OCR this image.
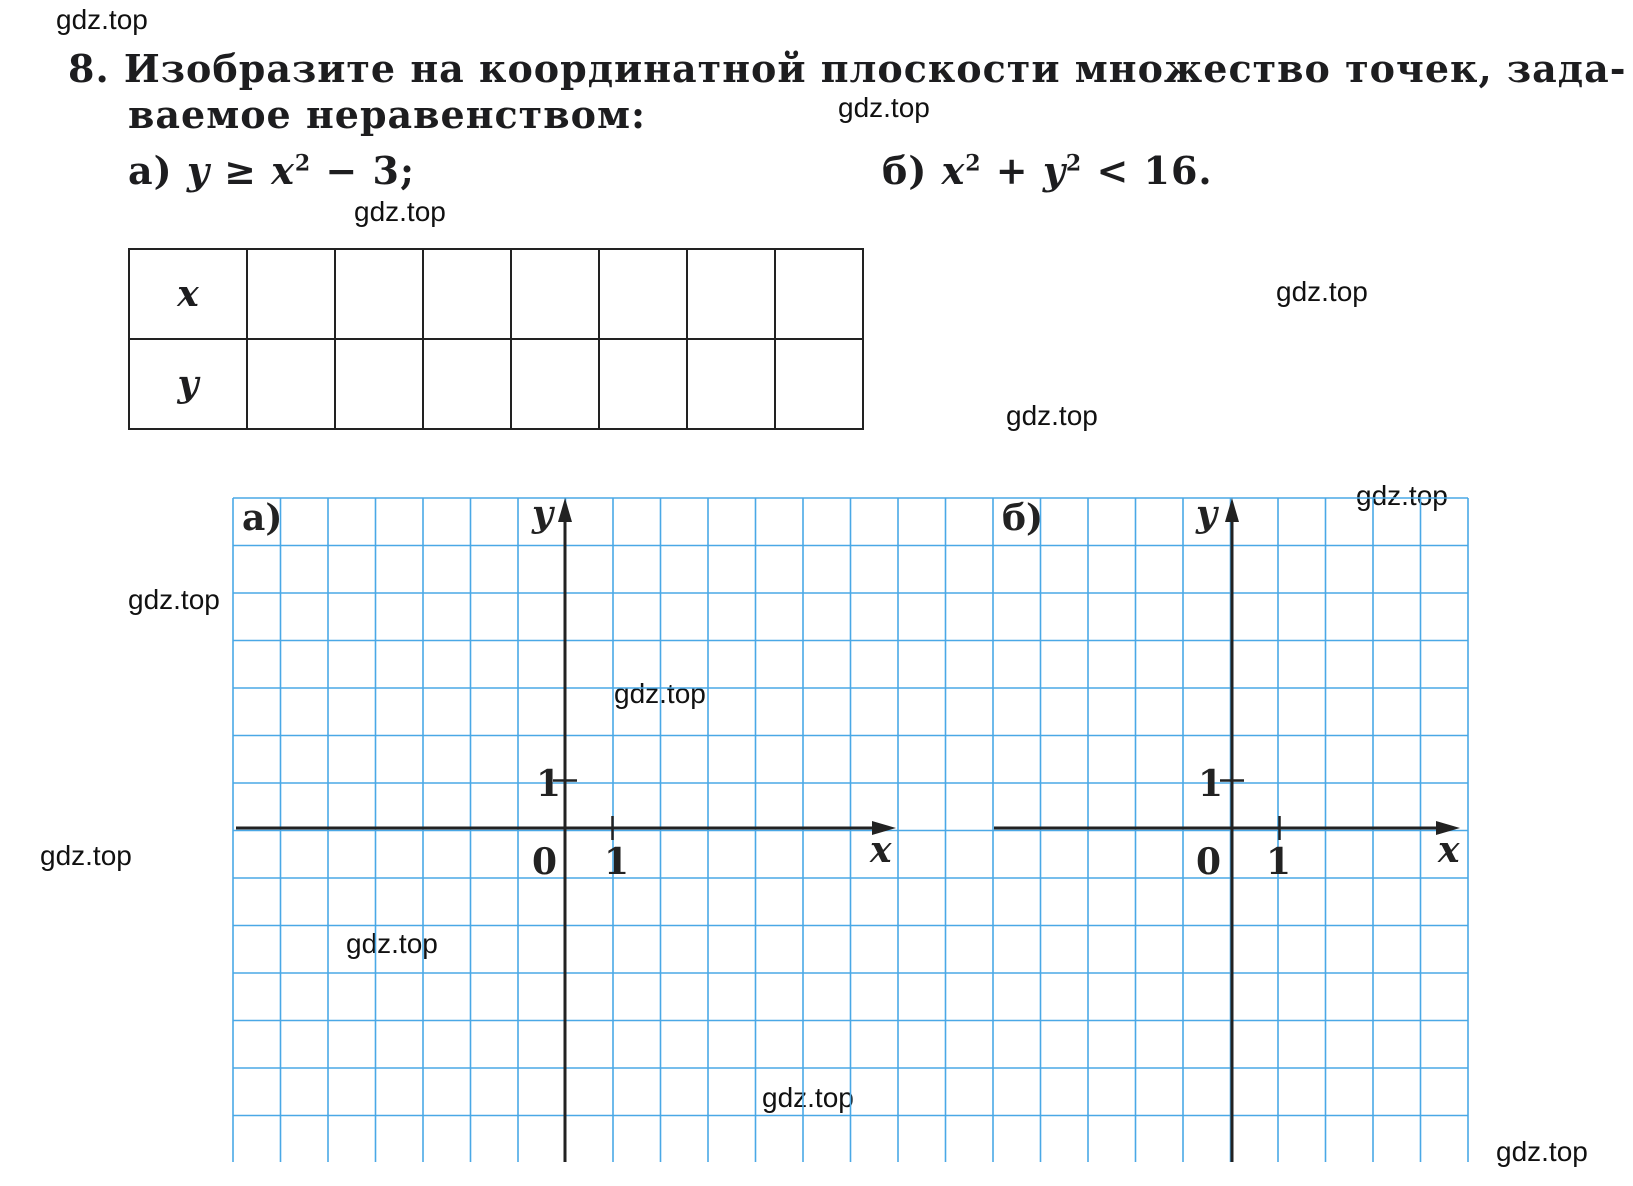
gdz.top
gdz.top
gdz.top
gdz.top
gdz.top
gdz.top
gdz.top
gdz.top
gdz.top
gdz.top
gdz.top
gdz.top
8. Изобразите на координатной плоскости множество точек, зада-
ваемое неравенством:
а) $y \ge x^2 - 3$;	б) $x^2 + y^2 < 16$.
x							
y							
а)	y
x
0 1
1
б)	y
x
0 1
1
